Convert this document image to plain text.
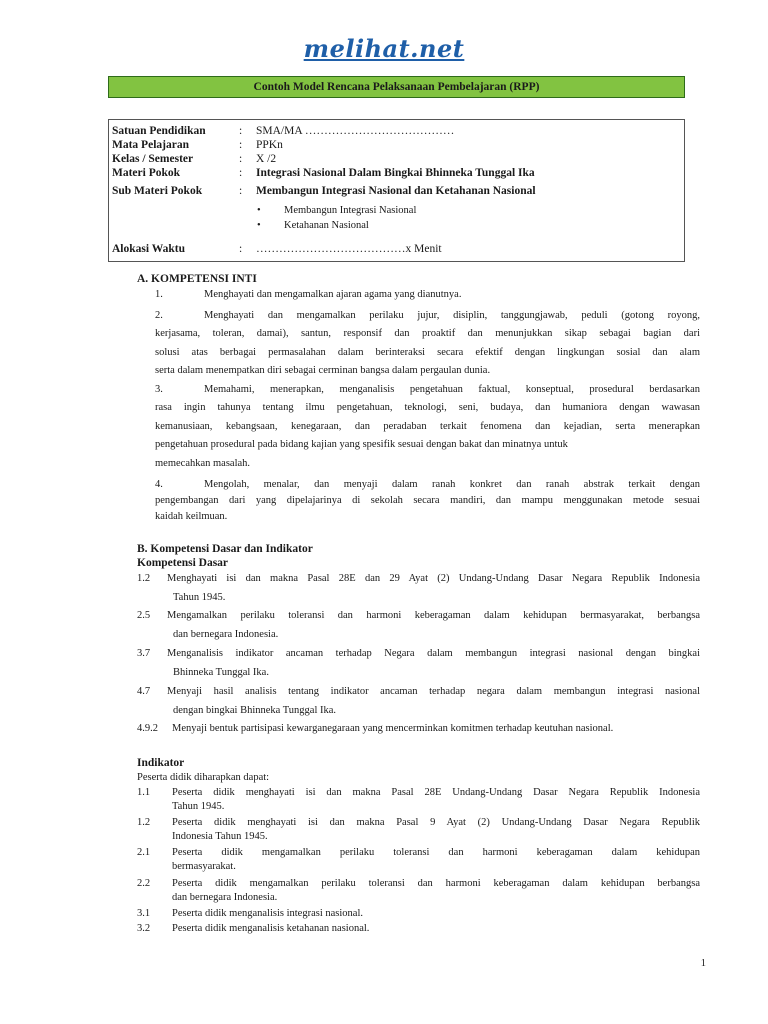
melihat.net
Contoh Model Rencana Pelaksanaan Pembelajaran (RPP)
Satuan Pendidikan	: SMA/MA …………………………………
Mata Pelajaran	: PPKn
Kelas / Semester	: X /2
Materi Pokok	: Integrasi Nasional Dalam Bingkai Bhinneka Tunggal Ika
Sub Materi Pokok	: Membangun Integrasi Nasional dan Ketahanan Nasional
• Membangun Integrasi Nasional
• Ketahanan Nasional
Alokasi Waktu	: …………………………………x Menit
A. KOMPETENSI INTI
1.	Menghayati dan mengamalkan ajaran agama yang dianutnya.
2.	Menghayati dan mengamalkan perilaku jujur, disiplin, tanggungjawab, peduli (gotong royong,
kerjasama, toleran, damai), santun, responsif dan proaktif dan menunjukkan sikap sebagai bagian dari
solusi atas berbagai permasalahan dalam berinteraksi secara efektif dengan lingkungan sosial dan alam
serta dalam menempatkan diri sebagai cerminan bangsa dalam pergaulan dunia.
3.	Memahami, menerapkan, menganalisis pengetahuan faktual, konseptual, prosedural berdasarkan
rasa ingin tahunya tentang ilmu pengetahuan, teknologi, seni, budaya, dan humaniora dengan wawasan
kemanusiaan, kebangsaan, kenegaraan, dan peradaban terkait fenomena dan kejadian, serta menerapkan
pengetahuan prosedural pada bidang kajian yang spesifik sesuai dengan bakat dan minatnya untuk
memecahkan masalah.
4.	Mengolah, menalar, dan menyaji dalam ranah konkret dan ranah abstrak terkait dengan
pengembangan dari yang dipelajarinya di sekolah secara mandiri, dan mampu menggunakan metode sesuai
kaidah keilmuan.
B. Kompetensi Dasar dan Indikator
Kompetensi Dasar
1.2 Menghayati isi dan makna Pasal 28E dan 29 Ayat (2) Undang-Undang Dasar Negara Republik Indonesia
Tahun 1945.
2.5 Mengamalkan perilaku toleransi dan harmoni keberagaman dalam kehidupan bermasyarakat, berbangsa
dan bernegara Indonesia.
3.7 Menganalisis indikator ancaman terhadap Negara dalam membangun integrasi nasional dengan bingkai
Bhinneka Tunggal Ika.
4.7 Menyaji hasil analisis tentang indikator ancaman terhadap negara dalam membangun integrasi nasional
dengan bingkai Bhinneka Tunggal Ika.
4.9.2 Menyaji bentuk partisipasi kewarganegaraan yang mencerminkan komitmen terhadap keutuhan nasional.
Indikator
Peserta didik diharapkan dapat:
1.1 Peserta didik menghayati isi dan makna Pasal 28E Undang-Undang Dasar Negara Republik Indonesia
Tahun 1945.
1.2 Peserta didik menghayati isi dan makna Pasal 9 Ayat (2) Undang-Undang Dasar Negara Republik
Indonesia Tahun 1945.
2.1 Peserta didik mengamalkan perilaku toleransi dan harmoni keberagaman dalam kehidupan
bermasyarakat.
2.2 Peserta didik mengamalkan perilaku toleransi dan harmoni keberagaman dalam kehidupan berbangsa
dan bernegara Indonesia.
3.1 Peserta didik menganalisis integrasi nasional.
3.2 Peserta didik menganalisis ketahanan nasional.
1
